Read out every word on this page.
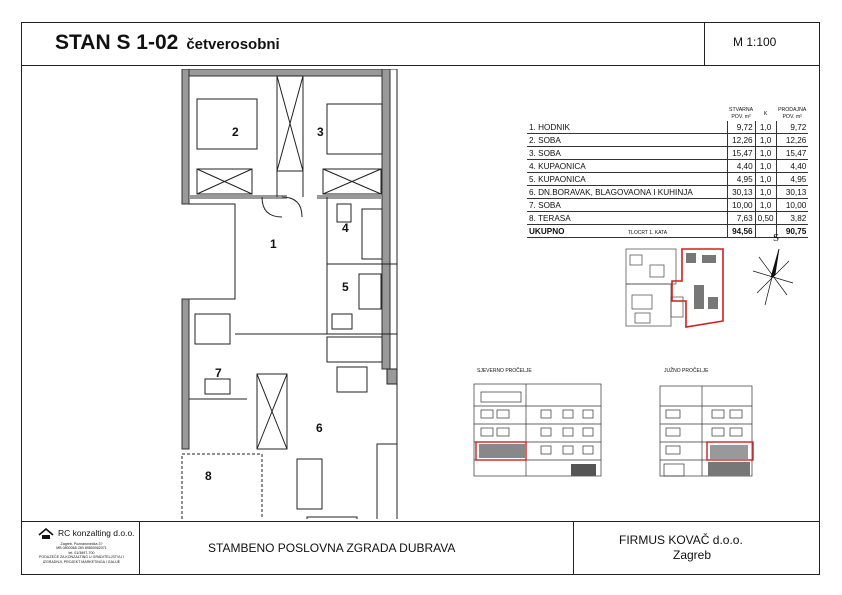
STAN S 1-02 četverosobni	M 1:100
2	3
1
4
5
7
6
8
	STVARNA
POV. m²	K	PRODAJNA
POV. m²
1. HODNIK	9,72	1,0	9,72
2. SOBA	12,26	1,0	12,26
3. SOBA	15,47	1,0	15,47
4. KUPAONICA	4,40	1,0	4,40
5. KUPAONICA	4,95	1,0	4,95
6. DN.BORAVAK, BLAGOVAONA I KUHINJA	30,13	1,0	30,13
7. SOBA	10,00	1,0	10,00
8. TERASA	7,63	0,50	3,82
UKUPNO	94,56		90,75
TLOCRT 1. KATA	S
SJEVERNO PROČELJE	JUŽNO PROČELJE
RC konzalting d.o.o.
Zagreb, Poznanovečka 3?
MB 0800068 OIB 89800062071
tel. 01/3897-700
PODUZEĆE ZA KONZALTING U GRADITELJSTVU I
IZGRADNJI, PROJEKT MARKETINGA I GALIJE
STAMBENO POSLOVNA ZGRADA DUBRAVA
FIRMUS KOVAČ d.o.o.
Zagreb
